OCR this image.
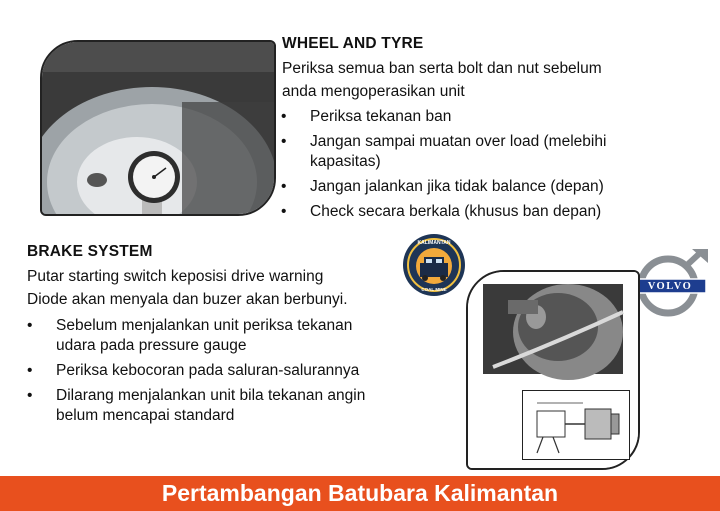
WHEEL AND TYRE
Periksa semua ban serta bolt dan nut sebelum
anda mengoperasikan unit
• Periksa tekanan ban
• Jangan sampai muatan over load (melebihi
kapasitas)
• Jangan jalankan jika tidak balance (depan)
• Check secara berkala (khusus ban depan)
BRAKE SYSTEM
Putar starting switch keposisi drive warning
Diode akan menyala dan buzer akan berbunyi.
• Sebelum menjalankan unit periksa tekanan
udara pada pressure gauge
• Periksa kebocoran pada saluran-salurannya
• Dilarang menjalankan unit bila tekanan angin
belum mencapai standard
KALIMANTAN
COAL MINE	VOLVO
Pertambangan Batubara Kalimantan
